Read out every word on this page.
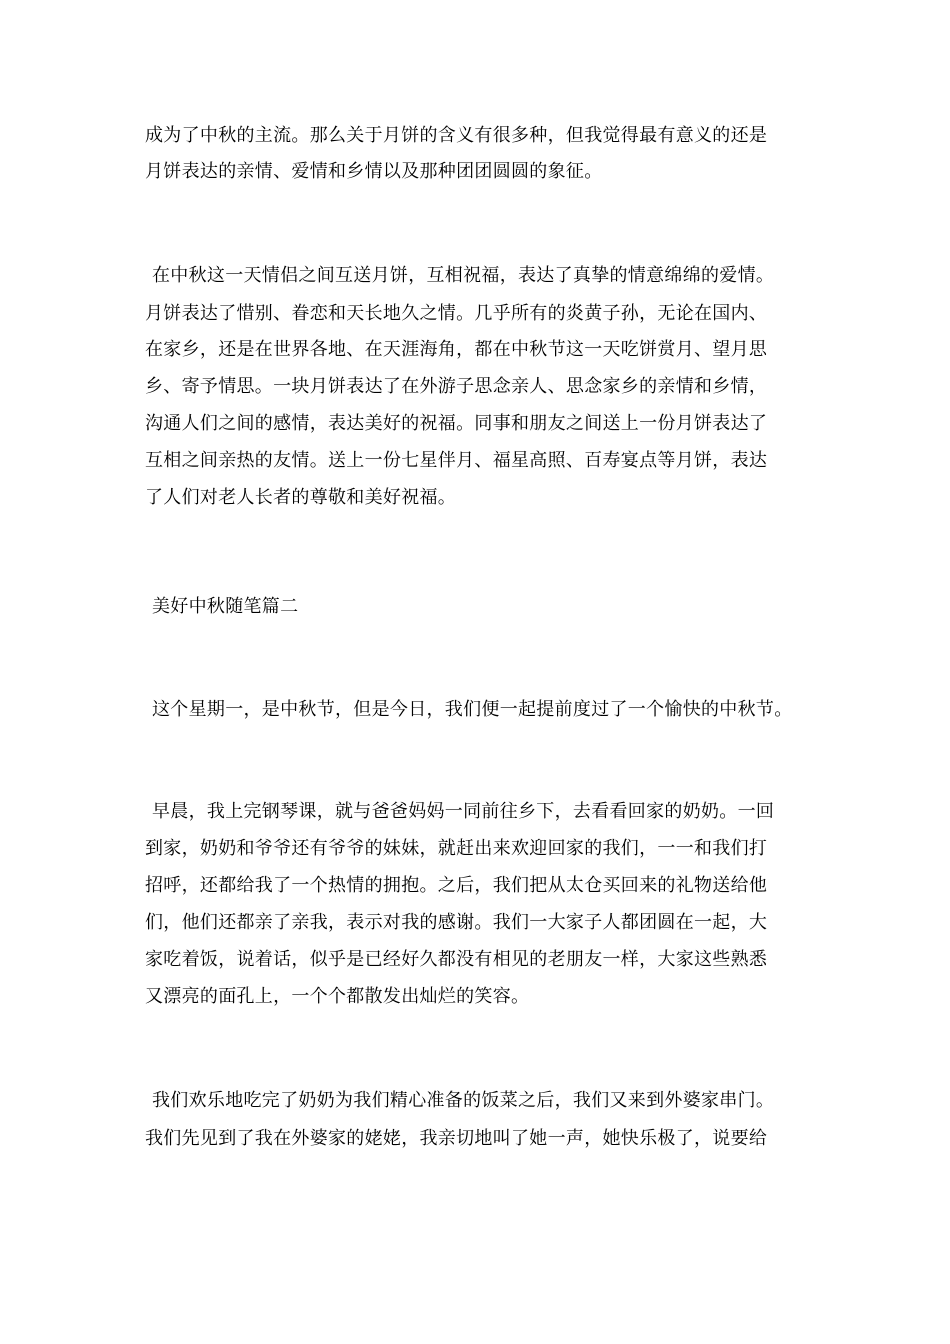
成为了中秋的主流。那么关于月饼的含义有很多种，但我觉得最有意义的还是
月饼表达的亲情、爱情和乡情以及那种团团圆圆的象征。
在中秋这一天情侣之间互送月饼，互相祝福，表达了真挚的情意绵绵的爱情。
月饼表达了惜别、眷恋和天长地久之情。几乎所有的炎黄子孙，无论在国内、
在家乡，还是在世界各地、在天涯海角，都在中秋节这一天吃饼赏月、望月思
乡、寄予情思。一块月饼表达了在外游子思念亲人、思念家乡的亲情和乡情，
沟通人们之间的感情，表达美好的祝福。同事和朋友之间送上一份月饼表达了
互相之间亲热的友情。送上一份七星伴月、福星高照、百寿宴点等月饼，表达
了人们对老人长者的尊敬和美好祝福。
美好中秋随笔篇二
这个星期一，是中秋节，但是今日，我们便一起提前度过了一个愉快的中秋节。
早晨，我上完钢琴课，就与爸爸妈妈一同前往乡下，去看看回家的奶奶。一回
到家，奶奶和爷爷还有爷爷的妹妹，就赶出来欢迎回家的我们，一一和我们打
招呼，还都给我了一个热情的拥抱。之后，我们把从太仓买回来的礼物送给他
们，他们还都亲了亲我，表示对我的感谢。我们一大家子人都团圆在一起，大
家吃着饭，说着话，似乎是已经好久都没有相见的老朋友一样，大家这些熟悉
又漂亮的面孔上，一个个都散发出灿烂的笑容。
我们欢乐地吃完了奶奶为我们精心准备的饭菜之后，我们又来到外婆家串门。
我们先见到了我在外婆家的姥姥，我亲切地叫了她一声，她快乐极了，说要给
